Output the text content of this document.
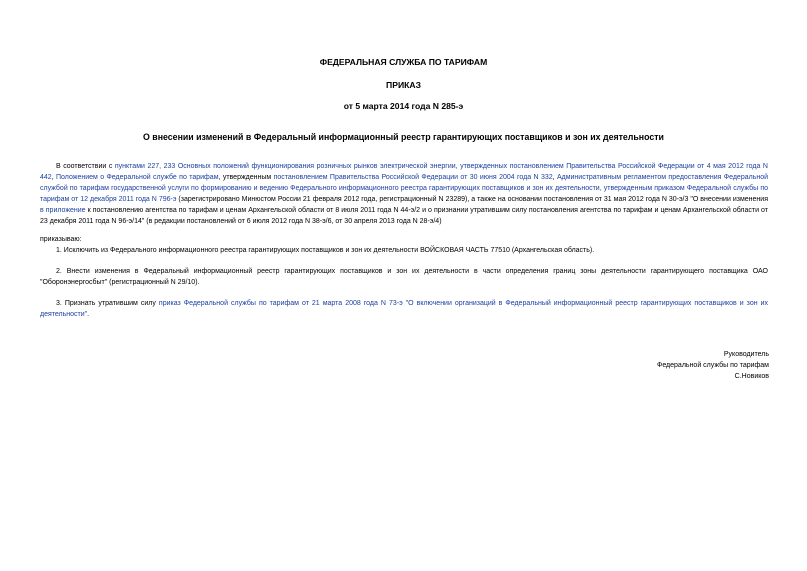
ФЕДЕРАЛЬНАЯ СЛУЖБА ПО ТАРИФАМ
ПРИКАЗ
от 5 марта 2014 года N 285-э
О внесении изменений в Федеральный информационный реестр гарантирующих поставщиков и зон их деятельности
В соответствии с пунктами 227, 233 Основных положений функционирования розничных рынков электрической энергии, утвержденных постановлением Правительства Российской Федерации от 4 мая 2012 года N 442, Положением о Федеральной службе по тарифам, утвержденным постановлением Правительства Российской Федерации от 30 июня 2004 года N 332, Административным регламентом предоставления Федеральной службой по тарифам государственной услуги по формированию и ведению Федерального информационного реестра гарантирующих поставщиков и зон их деятельности, утвержденным приказом Федеральной службы по тарифам от 12 декабря 2011 года N 796-э (зарегистрировано Минюстом России 21 февраля 2012 года, регистрационный N 23289), а также на основании постановления от 31 мая 2012 года N 30-э/3 "О внесении изменения в приложение к постановлению агентства по тарифам и ценам Архангельской области от 8 июля 2011 года N 44-э/2 и о признании утратившим силу постановления агентства по тарифам и ценам Архангельской области от 23 декабря 2011 года N 96-э/14" (в редакции постановлений от 6 июля 2012 года N 38-э/6, от 30 апреля 2013 года N 28-э/4)
приказываю:
1. Исключить из Федерального информационного реестра гарантирующих поставщиков и зон их деятельности ВОЙСКОВАЯ ЧАСТЬ 77510 (Архангельская область).
2. Внести изменения в Федеральный информационный реестр гарантирующих поставщиков и зон их деятельности в части определения границ зоны деятельности гарантирующего поставщика ОАО "Оборонэнергосбыт" (регистрационный N 29/10).
3. Признать утратившим силу приказ Федеральной службы по тарифам от 21 марта 2008 года N 73-э "О включении организаций в Федеральный информационный реестр гарантирующих поставщиков и зон их деятельности".
Руководитель
Федеральной службы по тарифам
С.Новиков
